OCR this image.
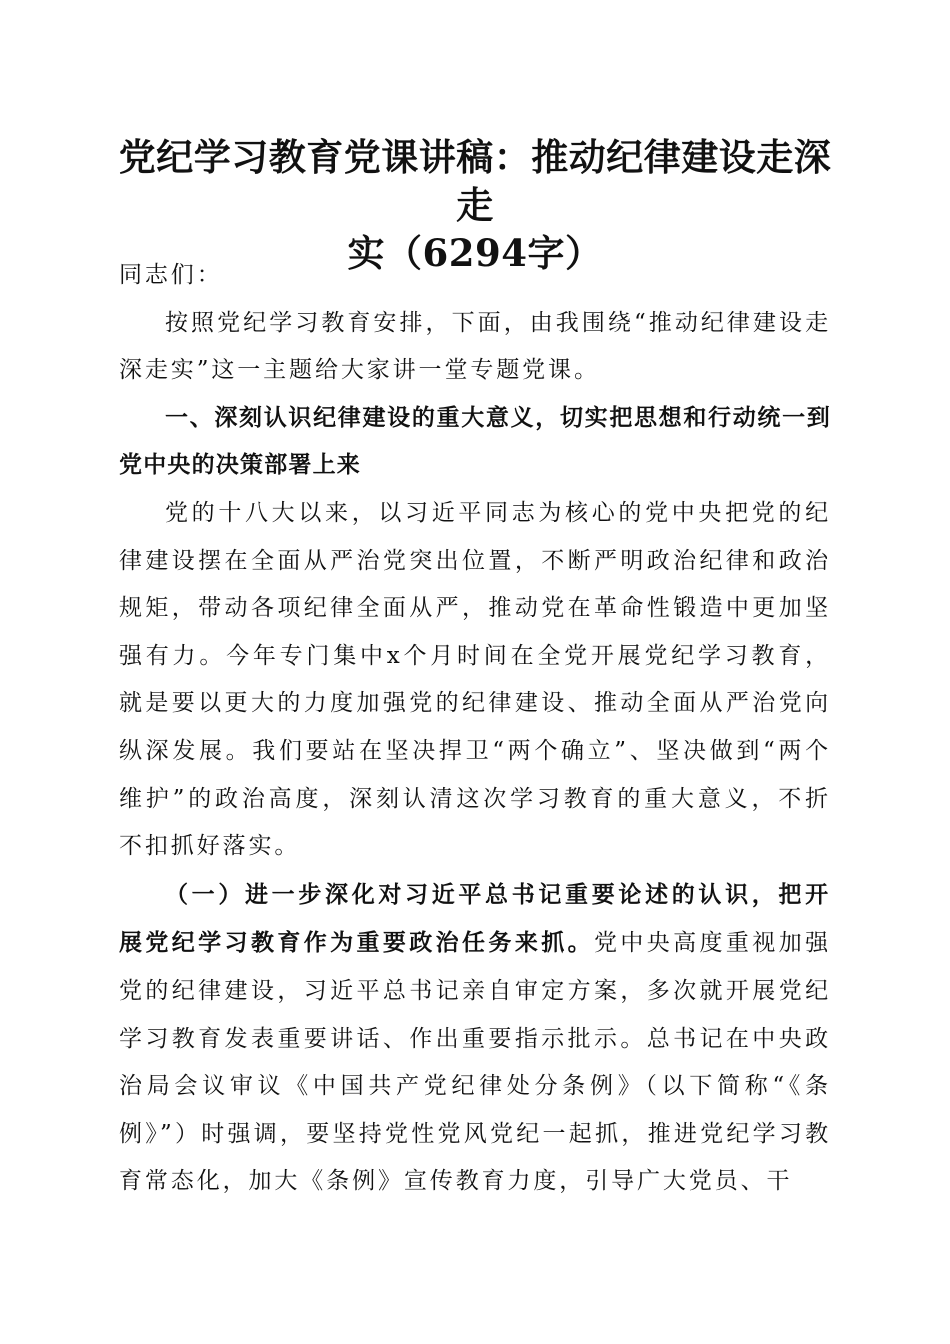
党纪学习教育党课讲稿：推动纪律建设走深走
实（6294字）

同志们：

按照党纪学习教育安排，下面，由我围绕“推动纪律建设走深走实”这一主题给大家讲一堂专题党课。

一、深刻认识纪律建设的重大意义，切实把思想和行动统一到党中央的决策部署上来

党的十八大以来，以习近平同志为核心的党中央把党的纪律建设摆在全面从严治党突出位置，不断严明政治纪律和政治规矩，带动各项纪律全面从严，推动党在革命性锻造中更加坚强有力。今年专门集中x个月时间在全党开展党纪学习教育，就是要以更大的力度加强党的纪律建设、推动全面从严治党向纵深发展。我们要站在坚决捍卫“两个确立”、坚决做到“两个维护”的政治高度，深刻认清这次学习教育的重大意义，不折不扣抓好落实。

（一）进一步深化对习近平总书记重要论述的认识，把开展党纪学习教育作为重要政治任务来抓。党中央高度重视加强党的纪律建设，习近平总书记亲自审定方案，多次就开展党纪学习教育发表重要讲话、作出重要指示批示。总书记在中央政治局会议审议《中国共产党纪律处分条例》（以下简称“《条例》”）时强调，要坚持党性党风党纪一起抓，推进党纪学习教育常态化，加大《条例》宣传教育力度，引导广大党员、干
